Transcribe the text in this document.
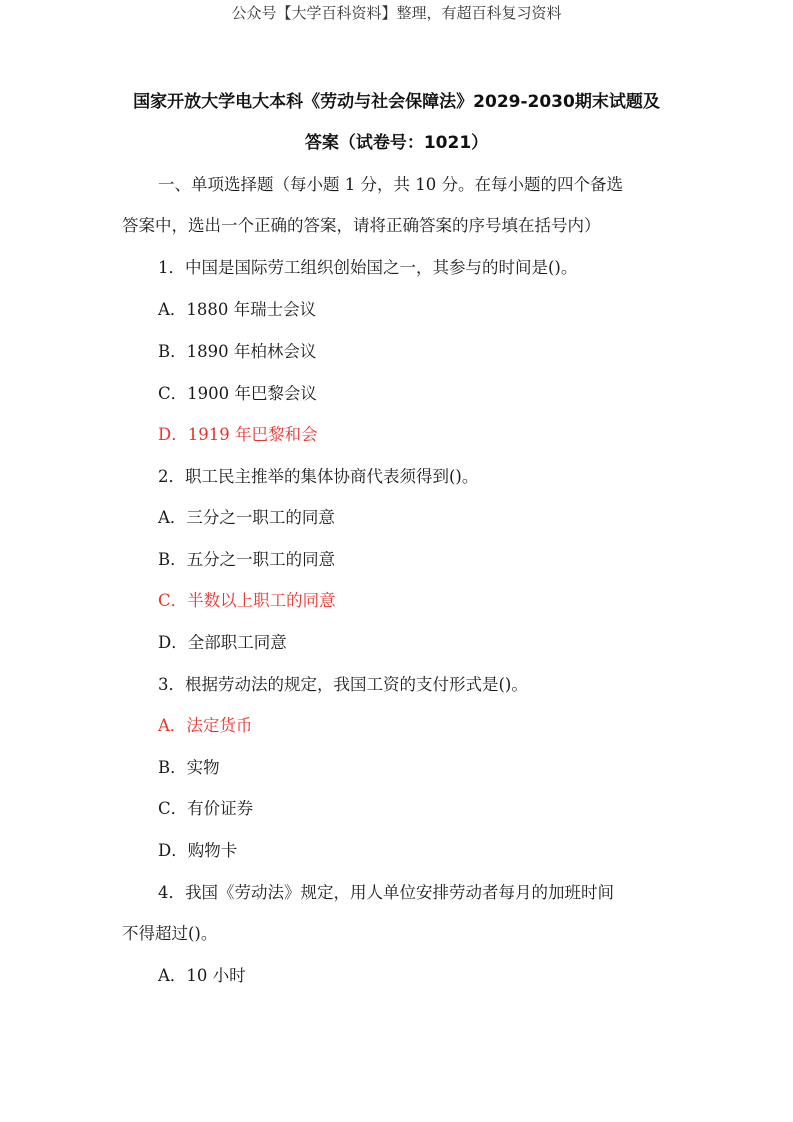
公众号【大学百科资料】整理，有超百科复习资料
国家开放大学电大本科《劳动与社会保障法》2029-2030期末试题及
答案（试卷号：1021）
一、单项选择题（每小题 1 分，共 10 分。在每小题的四个备选
答案中，选出一个正确的答案，请将正确答案的序号填在括号内）
1．中国是国际劳工组织创始国之一，其参与的时间是()。
A．1880 年瑞士会议
B．1890 年柏林会议
C．1900 年巴黎会议
D．1919 年巴黎和会
2．职工民主推举的集体协商代表须得到()。
A．三分之一职工的同意
B．五分之一职工的同意
C．半数以上职工的同意
D．全部职工同意
3．根据劳动法的规定，我国工资的支付形式是()。
A．法定货币
B．实物
C．有价证券
D．购物卡
4．我国《劳动法》规定，用人单位安排劳动者每月的加班时间
不得超过()。
A．10 小时
